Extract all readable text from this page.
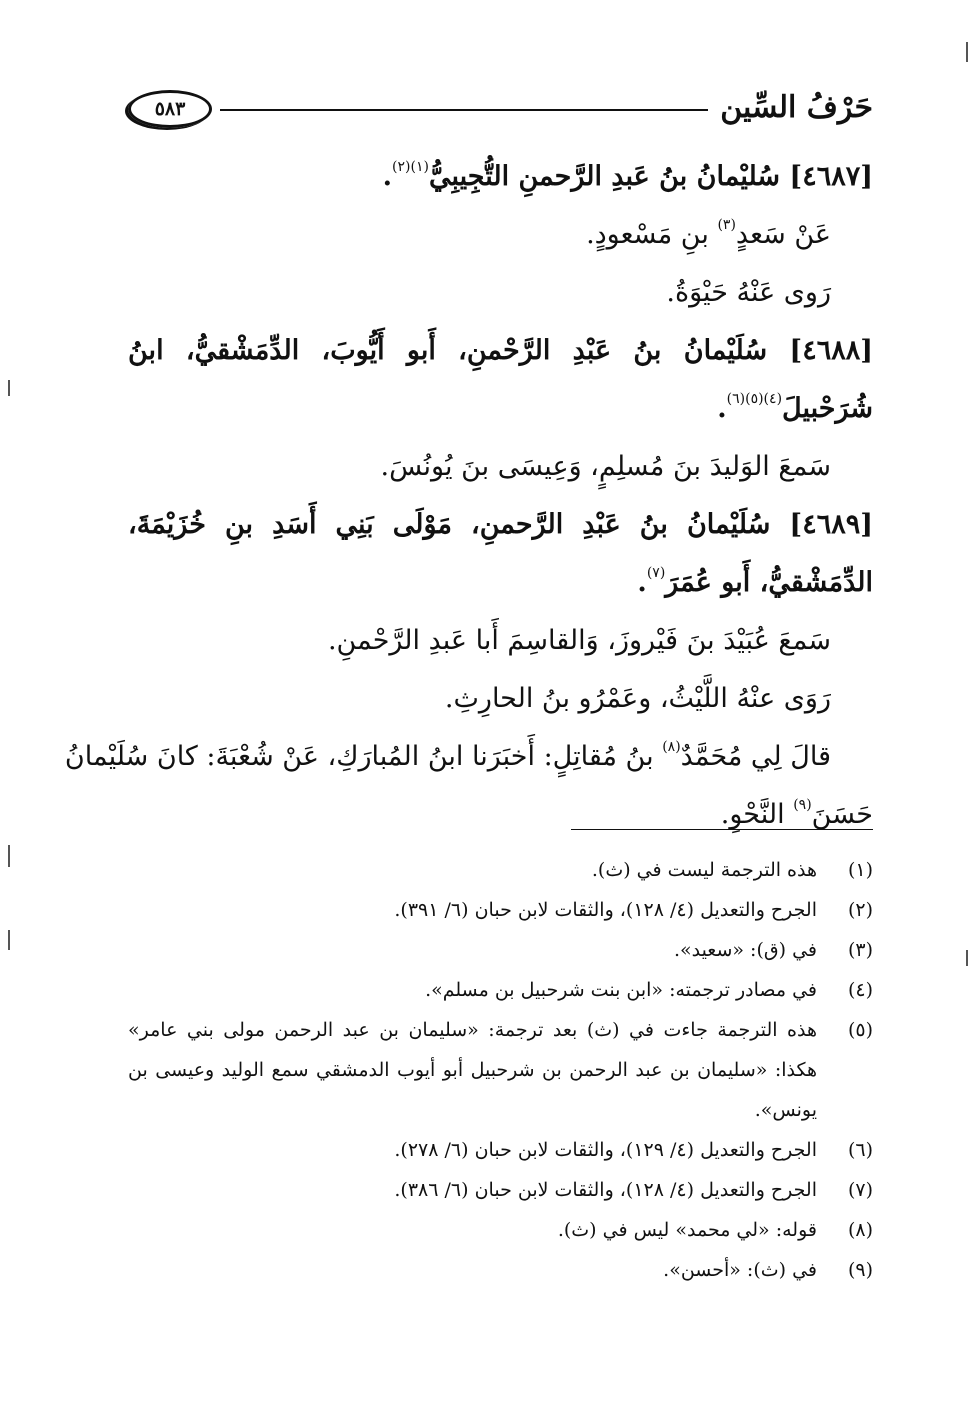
حَرْفُ السِّين
٥٨٣
[٤٦٨٧] سُليْمانُ بنُ عَبدِ الرَّحمنِ التُّجِيبِيُّ$^{(١)(٢)}$.
عَنْ سَعدٍ$^{(٣)}$ بنِ مَسْعودٍ.
رَوى عَنْهُ حَيْوَةُ.
[٤٦٨٨] سُلَيْمانُ بنُ عَبْدِ الرَّحْمنِ، أَبو أَيُّوبَ، الدِّمَشْقيُّ، ابنُ
شُرَحْبيلَ$^{(٤)(٥)(٦)}$.
سَمعَ الوَليدَ بنَ مُسلِمٍ، وَعِيسَى بنَ يُونُسَ.
[٤٦٨٩] سُلَيْمانُ بنُ عَبْدِ الرَّحمنِ، مَوْلَى بَنِي أَسَدِ بنِ خُزَيْمَةَ،
الدِّمَشْقيُّ، أَبو عُمَرَ$^{(٧)}$.
سَمعَ عُبَيْدَ بنَ فَيْروزَ، وَالقاسِمَ أَبا عَبدِ الرَّحْمنِ.
رَوَى عنْهُ اللَّيْثُ، وعَمْرُو بنُ الحارِثِ.
قالَ لِي مُحَمَّدٌ$^{(٨)}$ بنُ مُقاتِلٍ: أَخبَرَنا ابنُ المُبارَكِ، عَنْ شُعْبَةَ: كانَ سُلَيْمانُ
حَسَنَ$^{(٩)}$ النَّحْوِ.
(١)
هذه الترجمة ليست في (ث).
(٢)
الجرح والتعديل (٤/ ١٢٨)، والثقات لابن حبان (٦/ ٣٩١).
(٣)
في (ق): «سعيد».
(٤)
في مصادر ترجمته: «ابن بنت شرحبيل بن مسلم».
(٥)
هذه الترجمة جاءت في (ث) بعد ترجمة: «سليمان بن عبد الرحمن مولى بني عامر» هكذا: «سليمان بن عبد الرحمن بن شرحبيل أبو أيوب الدمشقي سمع الوليد وعيسى بن يونس».
(٦)
الجرح والتعديل (٤/ ١٢٩)، والثقات لابن حبان (٦/ ٢٧٨).
(٧)
الجرح والتعديل (٤/ ١٢٨)، والثقات لابن حبان (٦/ ٣٨٦).
(٨)
قوله: «لي محمد» ليس في (ث).
(٩)
في (ث): «أحسن».
